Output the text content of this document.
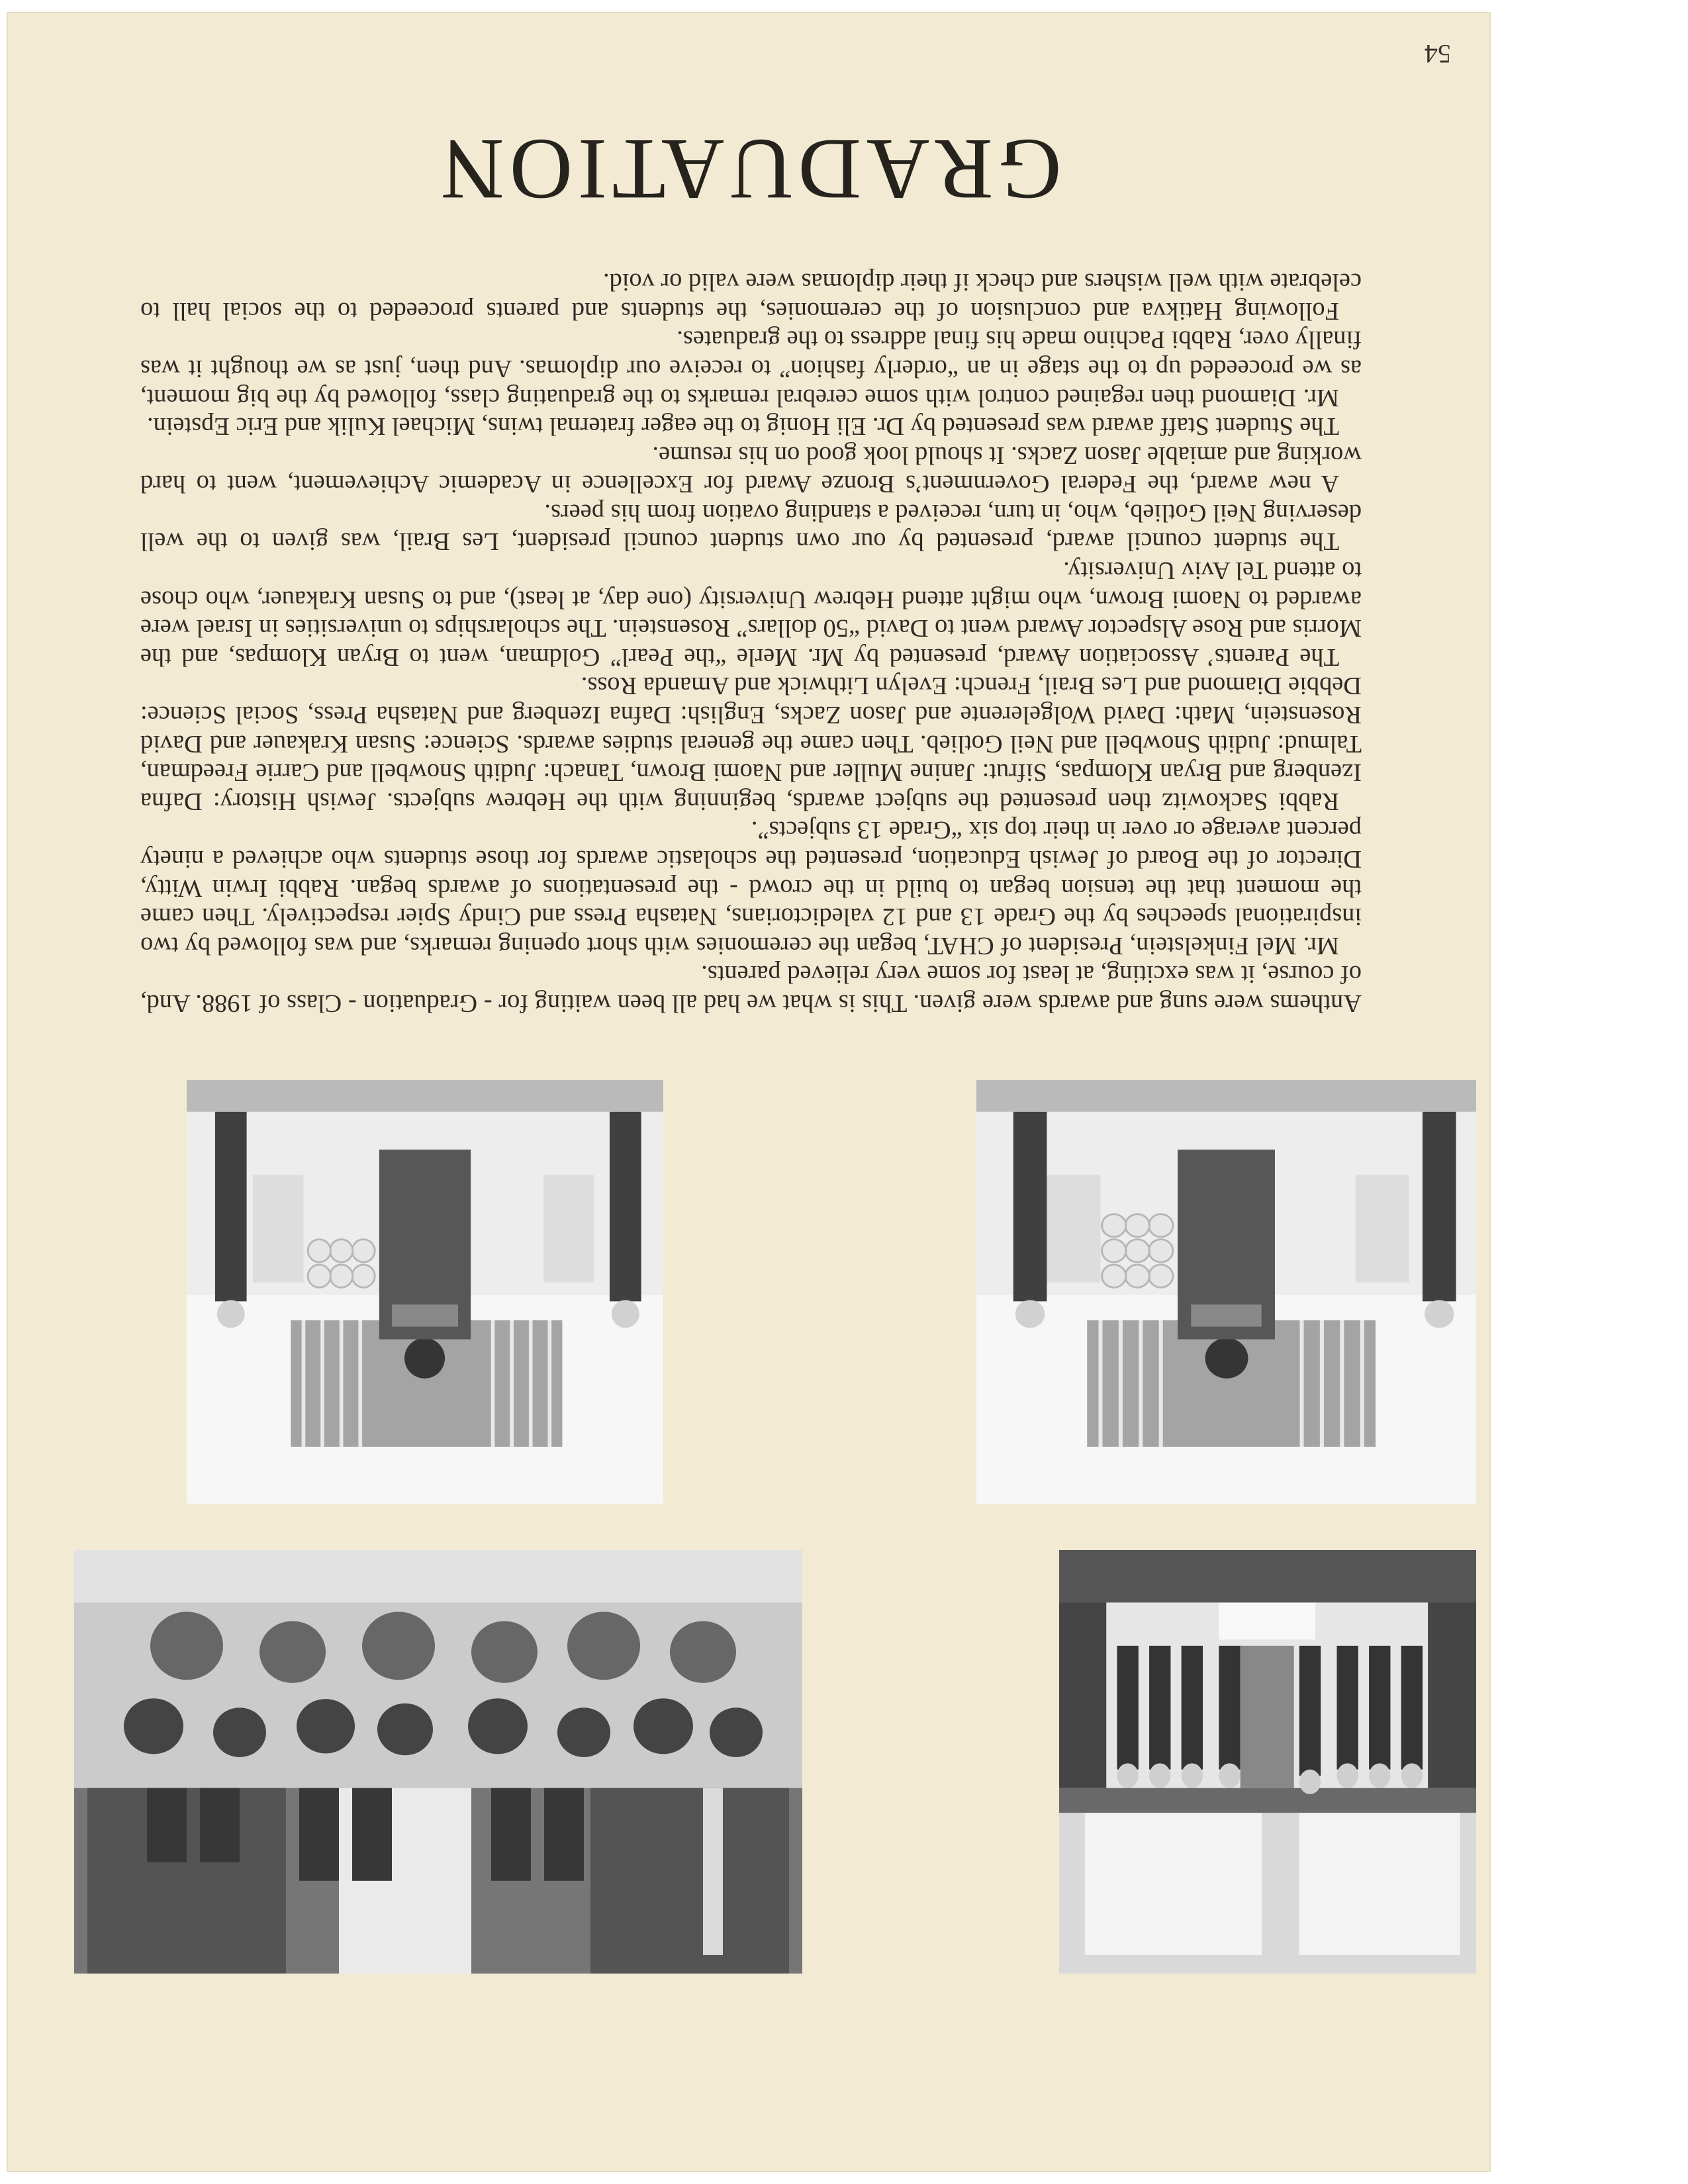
54
GRADUATION

Anthems were sung and awards were given. This is what we had all been waiting for - Graduation - Class of 1988. And, of course, it was exciting, at least for some very relieved parents.

Mr. Mel Finkelstein, President of CHAT, began the ceremonies with short opening remarks, and was followed by two inspirational speeches by the Grade 13 and 12 valedictorians, Natasha Press and Cindy Spier respectively. Then came the moment that the tension began to build in the crowd - the presentations of awards began. Rabbi Irwin Witty, Director of the Board of Jewish Education, presented the scholastic awards for those students who achieved a ninety percent average or over in their top six “Grade 13 subjects”.

Rabbi Sackowitz then presented the subject awards, beginning with the Hebrew subjects. Jewish History: Dafna Izenberg and Bryan Klompas, Sifrut: Janine Muller and Naomi Brown, Tanach: Judith Snowbell and Carrie Freedman, Talmud: Judith Snowbell and Neil Gotlieb. Then came the general studies awards. Science: Susan Krakauer and David Rosenstein, Math: David Wolgelerente and Jason Zacks, English: Dafna Izenberg and Natasha Press, Social Science: Debbie Diamond and Les Brail, French: Evelyn Lithwick and Amanda Ross.

The Parents’ Association Award, presented by Mr. Merle “the Pearl” Goldman, went to Bryan Klompas, and the Morris and Rose Alspector Award went to David “50 dollars” Rosenstein. The scholarships to universities in Israel were awarded to Naomi Brown, who might attend Hebrew University (one day, at least), and to Susan Krakauer, who chose to attend Tel Aviv University.

The student council award, presented by our own student council president, Les Brail, was given to the well deserving Neil Gotlieb, who, in turn, received a standing ovation from his peers.

A new award, the Federal Government’s Bronze Award for Excellence in Academic Achievement, went to hard working and amiable Jason Zacks. It should look good on his resume.

The Student Staff award was presented by Dr. Eli Honig to the eager fraternal twins, Michael Kulik and Eric Epstein.

Mr. Diamond then regained control with some cerebral remarks to the graduating class, followed by the big moment, as we proceeded up to the stage in an “orderly fashion” to receive our diplomas. And then, just as we thought it was finally over, Rabbi Pachino made his final address to the graduates.

Following Hatikva and conclusion of the ceremonies, the students and parents proceeded to the social hall to celebrate with well wishers and check if their diplomas were valid or void.
